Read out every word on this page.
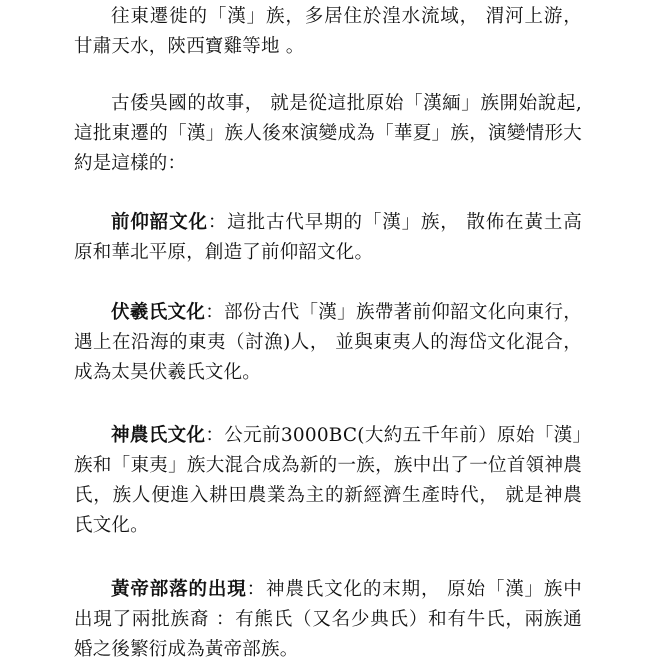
往東遷徙的「漢」族，多居住於湟水流域， 渭河上游， 甘肅天水，陝西寶雞等地 。

古倭吳國的故事， 就是從這批原始「漢緬」族開始說起, 這批東遷的「漢」族人後來演變成為「華夏」族，演變情形大約是這樣的：

前仰韶文化：這批古代早期的「漢」族， 散佈在黃土高原和華北平原，創造了前仰韶文化。

伏羲氏文化：部份古代「漢」族帶著前仰韶文化向東行，遇上在沿海的東夷（討漁)人， 並與東夷人的海岱文化混合，成為太昊伏羲氏文化。

神農氏文化：公元前3000BC(大約五千年前）原始「漢」族和「東夷」族大混合成為新的一族，族中出了一位首領神農氏，族人便進入耕田農業為主的新經濟生產時代， 就是神農氏文化。

黃帝部落的出現：神農氏文化的末期， 原始「漢」族中出現了兩批族裔 ：有熊氏（又名少典氏）和有牛氏，兩族通婚之後繁衍成為黃帝部族。
